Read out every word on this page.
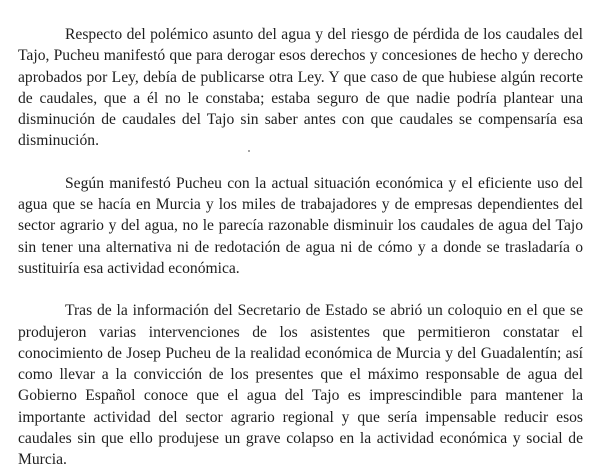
Respecto del polémico asunto del agua y del riesgo de pérdida de los caudales del Tajo, Pucheu manifestó que para derogar esos derechos y concesiones de hecho y derecho aprobados por Ley, debía de publicarse otra Ley. Y que caso de que hubiese algún recorte de caudales, que a él no le constaba; estaba seguro de que nadie podría plantear una disminución de caudales del Tajo sin saber antes con que caudales se compensaría esa disminución.

Según manifestó Pucheu con la actual situación económica y el eficiente uso del agua que se hacía en Murcia y los miles de trabajadores y de empresas dependientes del sector agrario y del agua, no le parecía razonable disminuir los caudales de agua del Tajo sin tener una alternativa ni de redotación de agua ni de cómo y a donde se trasladaría o sustituiría esa actividad económica.

Tras de la información del Secretario de Estado se abrió un coloquio en el que se produjeron varias intervenciones de los asistentes que permitieron constatar el conocimiento de Josep Pucheu de la realidad económica de Murcia y del Guadalentín; así como llevar a la convicción de los presentes que el máximo responsable de agua del Gobierno Español conoce que el agua del Tajo es imprescindible para mantener la importante actividad del sector agrario regional y que sería impensable reducir esos caudales sin que ello produjese un grave colapso en la actividad económica y social de Murcia.
